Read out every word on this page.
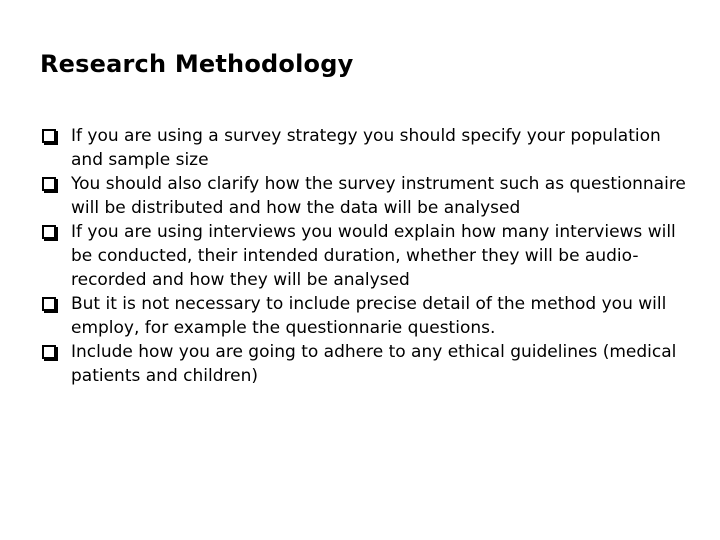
Research Methodology
If you are using a survey strategy you should specify your population and sample size
You should also clarify how the survey instrument such as questionnaire will be distributed and how the data will be analysed
If you are using interviews you would explain how many interviews will be conducted, their intended duration, whether they will be audio-recorded and how they will be analysed
But it is not necessary to include precise detail of the method you will employ, for example the questionnarie questions.
Include how you are going to adhere to any ethical guidelines (medical patients and children)
